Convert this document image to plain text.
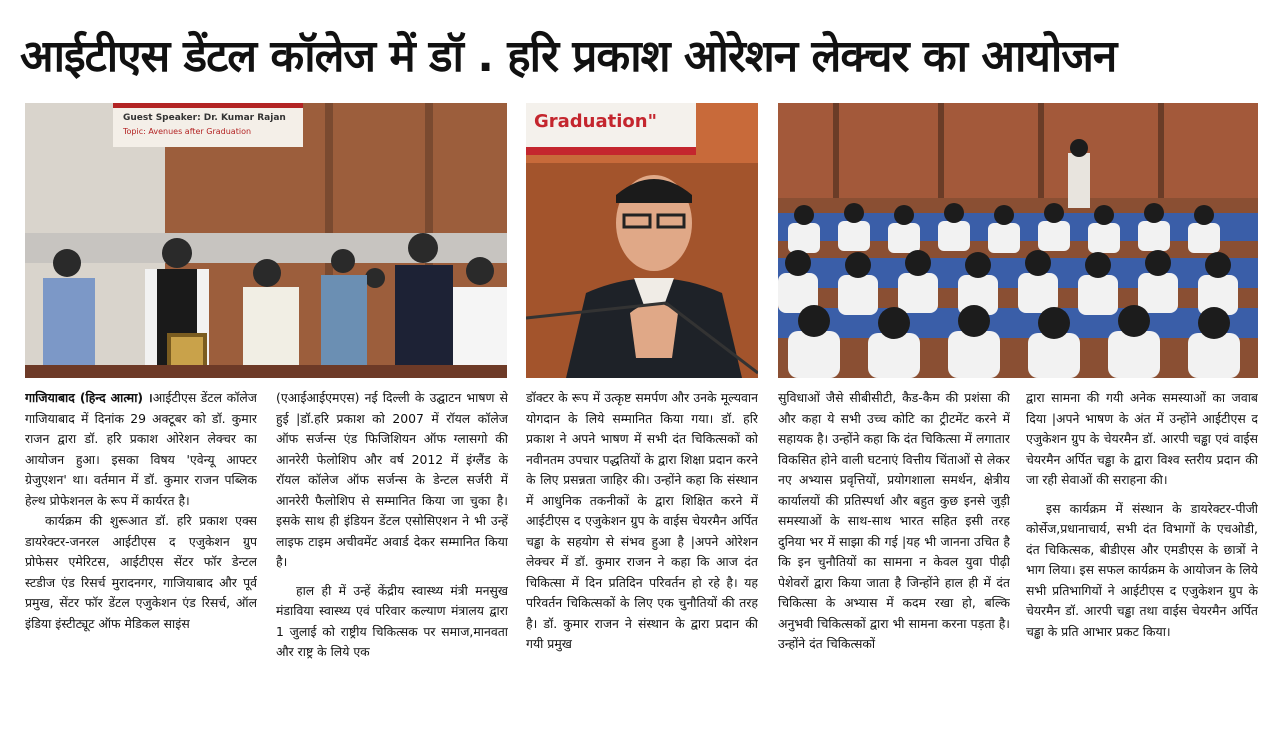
आईटीएस डेंटल कॉलेज में डॉ . हरि प्रकाश ओरेशन लेक्चर का आयोजन
Guest Speaker: Dr. Kumar Rajan
Topic: Avenues after Graduation	Graduation"

गाजियाबाद (हिन्द आत्मा) ।आईटीएस डेंटल कॉलेज गाजियाबाद में दिनांक 29 अक्टूबर को डॉ. कुमार राजन द्वारा डॉ. हरि प्रकाश ओरेशन लेक्चर का आयोजन हुआ। इसका विषय 'एवेन्यू आफ्टर ग्रेजुएशन' था। वर्तमान में डॉ. कुमार राजन पब्लिक हेल्थ प्रोफेशनल के रूप में कार्यरत है।

कार्यक्रम की शुरूआत डॉ. हरि प्रकाश एक्स डायरेक्टर-जनरल आईटीएस द एजुकेशन ग्रुप प्रोफेसर एमेरिटस, आईटीएस सेंटर फॉर डेन्टल स्टडीज एंड रिसर्च मुरादनगर, गाजियाबाद और पूर्व प्रमुख, सेंटर फॉर डेंटल एजुकेशन एंड रिसर्च, ऑल इंडिया इंस्टीट्यूट ऑफ मेडिकल साइंस

(एआईआईएमएस) नई दिल्ली के उद्घाटन भाषण से हुई |डॉ.हरि प्रकाश को 2007 में रॉयल कॉलेज ऑफ सर्जन्स एंड फिजिशियन ऑफ ग्लासगो की आनरेरी फेलोशिप और वर्ष 2012 में इंग्लैंड के रॉयल कॉलेज ऑफ सर्जन्स के डेन्टल सर्जरी में आनरेरी फैलोशिप से सम्मानित किया जा चुका है। इसके साथ ही इंडियन डेंटल एसोसिएशन ने भी उन्हें लाइफ टाइम अचीवमेंट अवार्ड देकर सम्मानित किया है।

हाल ही में उन्हें केंद्रीय स्वास्थ्य मंत्री मनसुख मंडाविया स्वास्थ्य एवं परिवार कल्याण मंत्रालय द्वारा 1 जुलाई को राष्ट्रीय चिकित्सक पर समाज,मानवता और राष्ट्र के लिये एक

डॉक्टर के रूप में उत्कृष्ट समर्पण और उनके मूल्यवान योगदान के लिये सम्मानित किया गया। डॉ. हरि प्रकाश ने अपने भाषण में सभी दंत चिकित्सकों को नवीनतम उपचार पद्धतियों के द्वारा शिक्षा प्रदान करने के लिए प्रसन्नता जाहिर की। उन्होंने कहा कि संस्थान में आधुनिक तकनीकों के द्वारा शिक्षित करने में आईटीएस द एजुकेशन ग्रुप के वाईस चेयरमैन अर्पित चड्ढा के सहयोग से संभव हुआ है |अपने ओरेशन लेक्चर में डॉ. कुमार राजन ने कहा कि आज दंत चिकित्सा में दिन प्रतिदिन परिवर्तन हो रहे है। यह परिवर्तन चिकित्सकों के लिए एक चुनौतियों की तरह है। डॉ. कुमार राजन ने संस्थान के द्वारा प्रदान की गयी प्रमुख

सुविधाओं जैसे सीबीसीटी, कैड-कैम की प्रशंसा की और कहा ये सभी उच्च कोटि का ट्रीटमेंट करने में सहायक है। उन्होंने कहा कि दंत चिकित्सा में लगातार विकसित होने वाली घटनाएं वित्तीय चिंताओं से लेकर नए अभ्यास प्रवृत्तियों, प्रयोगशाला समर्थन, क्षेत्रीय कार्यालयों की प्रतिस्पर्धा और बहुत कुछ इनसे जुड़ी समस्याओं के साथ-साथ भारत सहित इसी तरह दुनिया भर में साझा की गई |यह भी जानना उचित है कि इन चुनौतियों का सामना न केवल युवा पीढ़ी पेशेवरों द्वारा किया जाता है जिन्होंने हाल ही में दंत चिकित्सा के अभ्यास में कदम रखा हो, बल्कि अनुभवी चिकित्सकों द्वारा भी सामना करना पड़ता है। उन्होंने दंत चिकित्सकों

द्वारा सामना की गयी अनेक समस्याओं का जवाब दिया |अपने भाषण के अंत में उन्होंने आईटीएस द एजुकेशन ग्रुप के चेयरमैन डॉ. आरपी चड्ढा एवं वाईस चेयरमैन अर्पित चड्ढा के द्वारा विश्व स्तरीय प्रदान की जा रही सेवाओं की सराहना की।

इस कार्यक्रम में संस्थान के डायरेक्टर-पीजी कोर्सेज,प्रधानाचार्य, सभी दंत विभागों के एचओडी, दंत चिकित्सक, बीडीएस और एमडीएस के छात्रों ने भाग लिया। इस सफल कार्यक्रम के आयोजन के लिये सभी प्रतिभागियों ने आईटीएस द एजुकेशन ग्रुप के चेयरमैन डॉ. आरपी चड्ढा तथा वाईस चेयरमैन अर्पित चड्ढा के प्रति आभार प्रकट किया।
